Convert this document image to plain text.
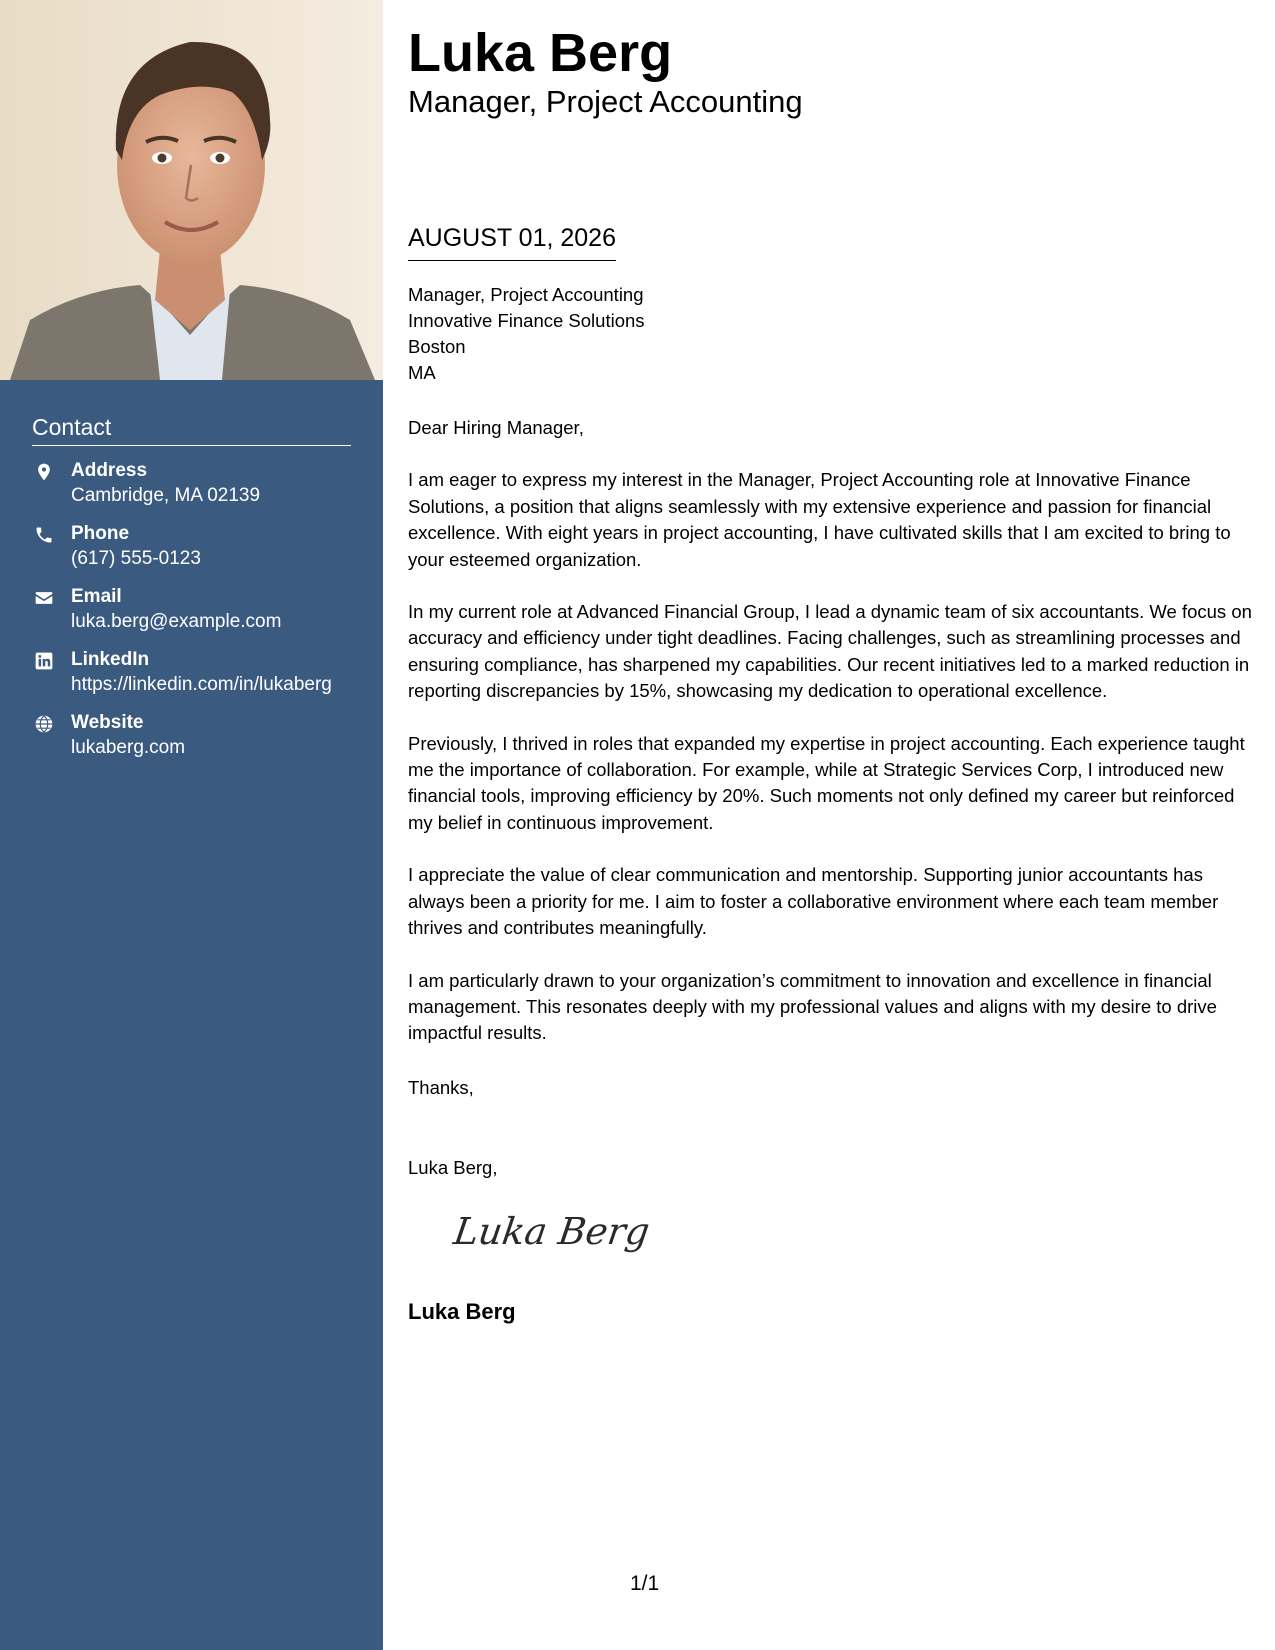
Contact
Address
Cambridge, MA 02139
Phone
(617) 555-0123
Email
luka.berg@example.com
LinkedIn
https://linkedin.com/in/lukaberg
Website
lukaberg.com
Luka Berg
Manager, Project Accounting
AUGUST 01, 2026
Manager, Project Accounting
Innovative Finance Solutions
Boston
MA

Dear Hiring Manager,

I am eager to express my interest in the Manager, Project Accounting role at Innovative Finance Solutions, a position that aligns seamlessly with my extensive experience and passion for financial excellence. With eight years in project accounting, I have cultivated skills that I am excited to bring to your esteemed organization.

In my current role at Advanced Financial Group, I lead a dynamic team of six accountants. We focus on accuracy and efficiency under tight deadlines. Facing challenges, such as streamlining processes and ensuring compliance, has sharpened my capabilities. Our recent initiatives led to a marked reduction in reporting discrepancies by 15%, showcasing my dedication to operational excellence.

Previously, I thrived in roles that expanded my expertise in project accounting. Each experience taught me the importance of collaboration. For example, while at Strategic Services Corp, I introduced new financial tools, improving efficiency by 20%. Such moments not only defined my career but reinforced my belief in continuous improvement.

I appreciate the value of clear communication and mentorship. Supporting junior accountants has always been a priority for me. I aim to foster a collaborative environment where each team member thrives and contributes meaningfully.

I am particularly drawn to your organization’s commitment to innovation and excellence in financial management. This resonates deeply with my professional values and aligns with my desire to drive impactful results.

Thanks,
Luka Berg,
Luka Berg
Luka Berg
1/1
